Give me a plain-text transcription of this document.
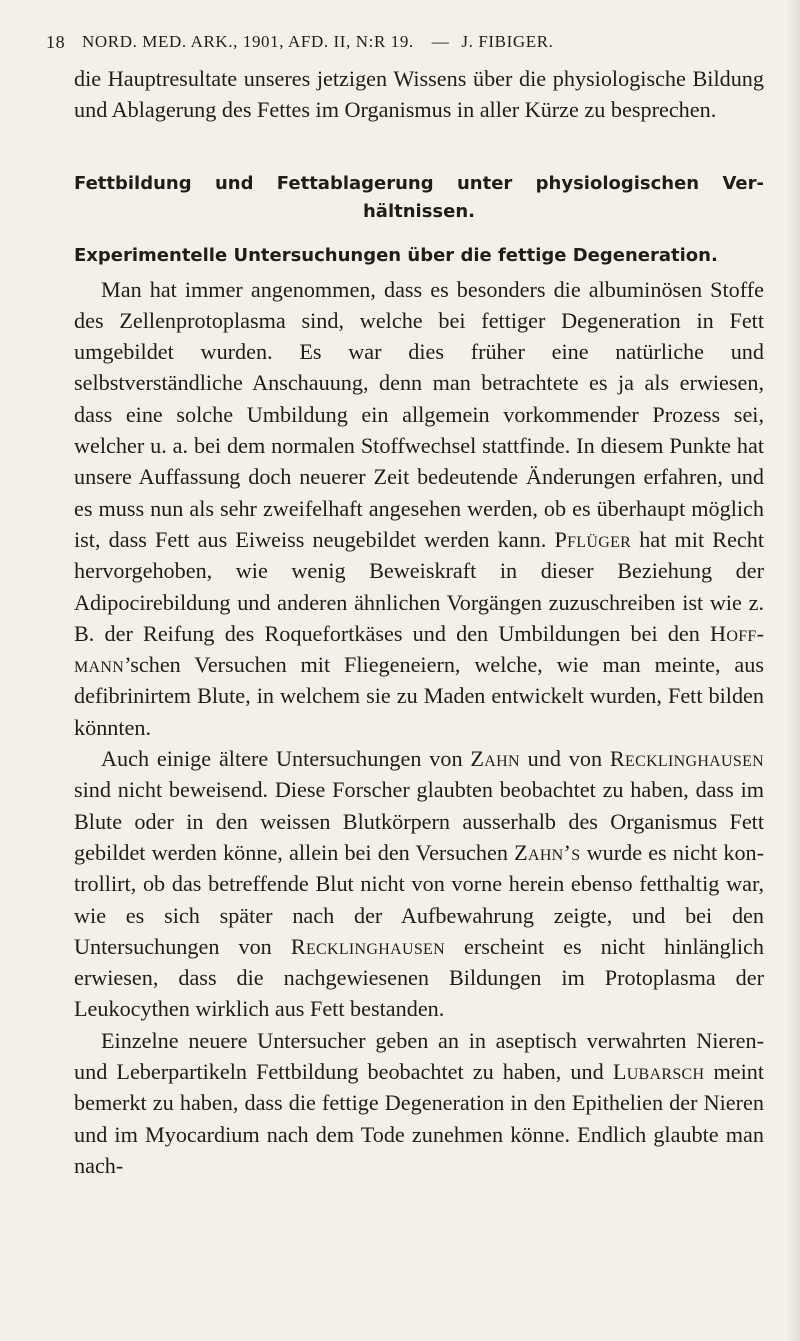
18 NORD. MED. ARK., 1901, AFD. II, N:R 19. — J. FIBIGER.

die Hauptresultate unseres jetzigen Wissens über die physiologische Bildung und Ablagerung des Fettes im Organismus in aller Kürze zu besprechen.

Fettbildung und Fettablagerung unter physiologischen Verhältnissen.
Experimentelle Untersuchungen über die fettige Degeneration.

Man hat immer angenommen, dass es besonders die albuminösen Stoffe des Zellenprotoplasma sind, welche bei fettiger Degeneration in Fett umgebildet wurden. Es war dies früher eine natürliche und selbstverständliche Anschauung, denn man betrachtete es ja als erwiesen, dass eine solche Umbildung ein allgemein vorkommender Prozess sei, welcher u. a. bei dem normalen Stoffwechsel stattfinde. In diesem Punkte hat unsere Auffassung doch neuerer Zeit bedeutende Änderungen erfahren, und es muss nun als sehr zweifelhaft angesehen werden, ob es überhaupt möglich ist, dass Fett aus Eiweiss neugebildet werden kann. Pflüger hat mit Recht hervorgehoben, wie wenig Beweiskraft in dieser Beziehung der Adipocirebildung und anderen ähnlichen Vorgängen zuzuschreiben ist wie z. B. der Reifung des Roquefortkäses und den Umbildungen bei den Hoffmann’schen Versuchen mit Fliegeneiern, welche, wie man meinte, aus defibrinirtem Blute, in welchem sie zu Maden entwickelt wurden, Fett bilden könnten.

Auch einige ältere Untersuchungen von Zahn und von Recklinghausen sind nicht beweisend. Diese Forscher glaubten beobachtet zu haben, dass im Blute oder in den weissen Blutkörpern ausserhalb des Organismus Fett gebildet werden könne, allein bei den Versuchen Zahn’s wurde es nicht kontrollirt, ob das betreffende Blut nicht von vorne herein ebenso fetthaltig war, wie es sich später nach der Aufbewahrung zeigte, und bei den Untersuchungen von Recklinghausen erscheint es nicht hinlänglich erwiesen, dass die nachgewiesenen Bildungen im Protoplasma der Leukocythen wirklich aus Fett bestanden.

Einzelne neuere Untersucher geben an in aseptisch verwahrten Nieren- und Leberpartikeln Fettbildung beobachtet zu haben, und Lubarsch meint bemerkt zu haben, dass die fettige Degeneration in den Epithelien der Nieren und im Myocardium nach dem Tode zunehmen könne. Endlich glaubte man nach-
